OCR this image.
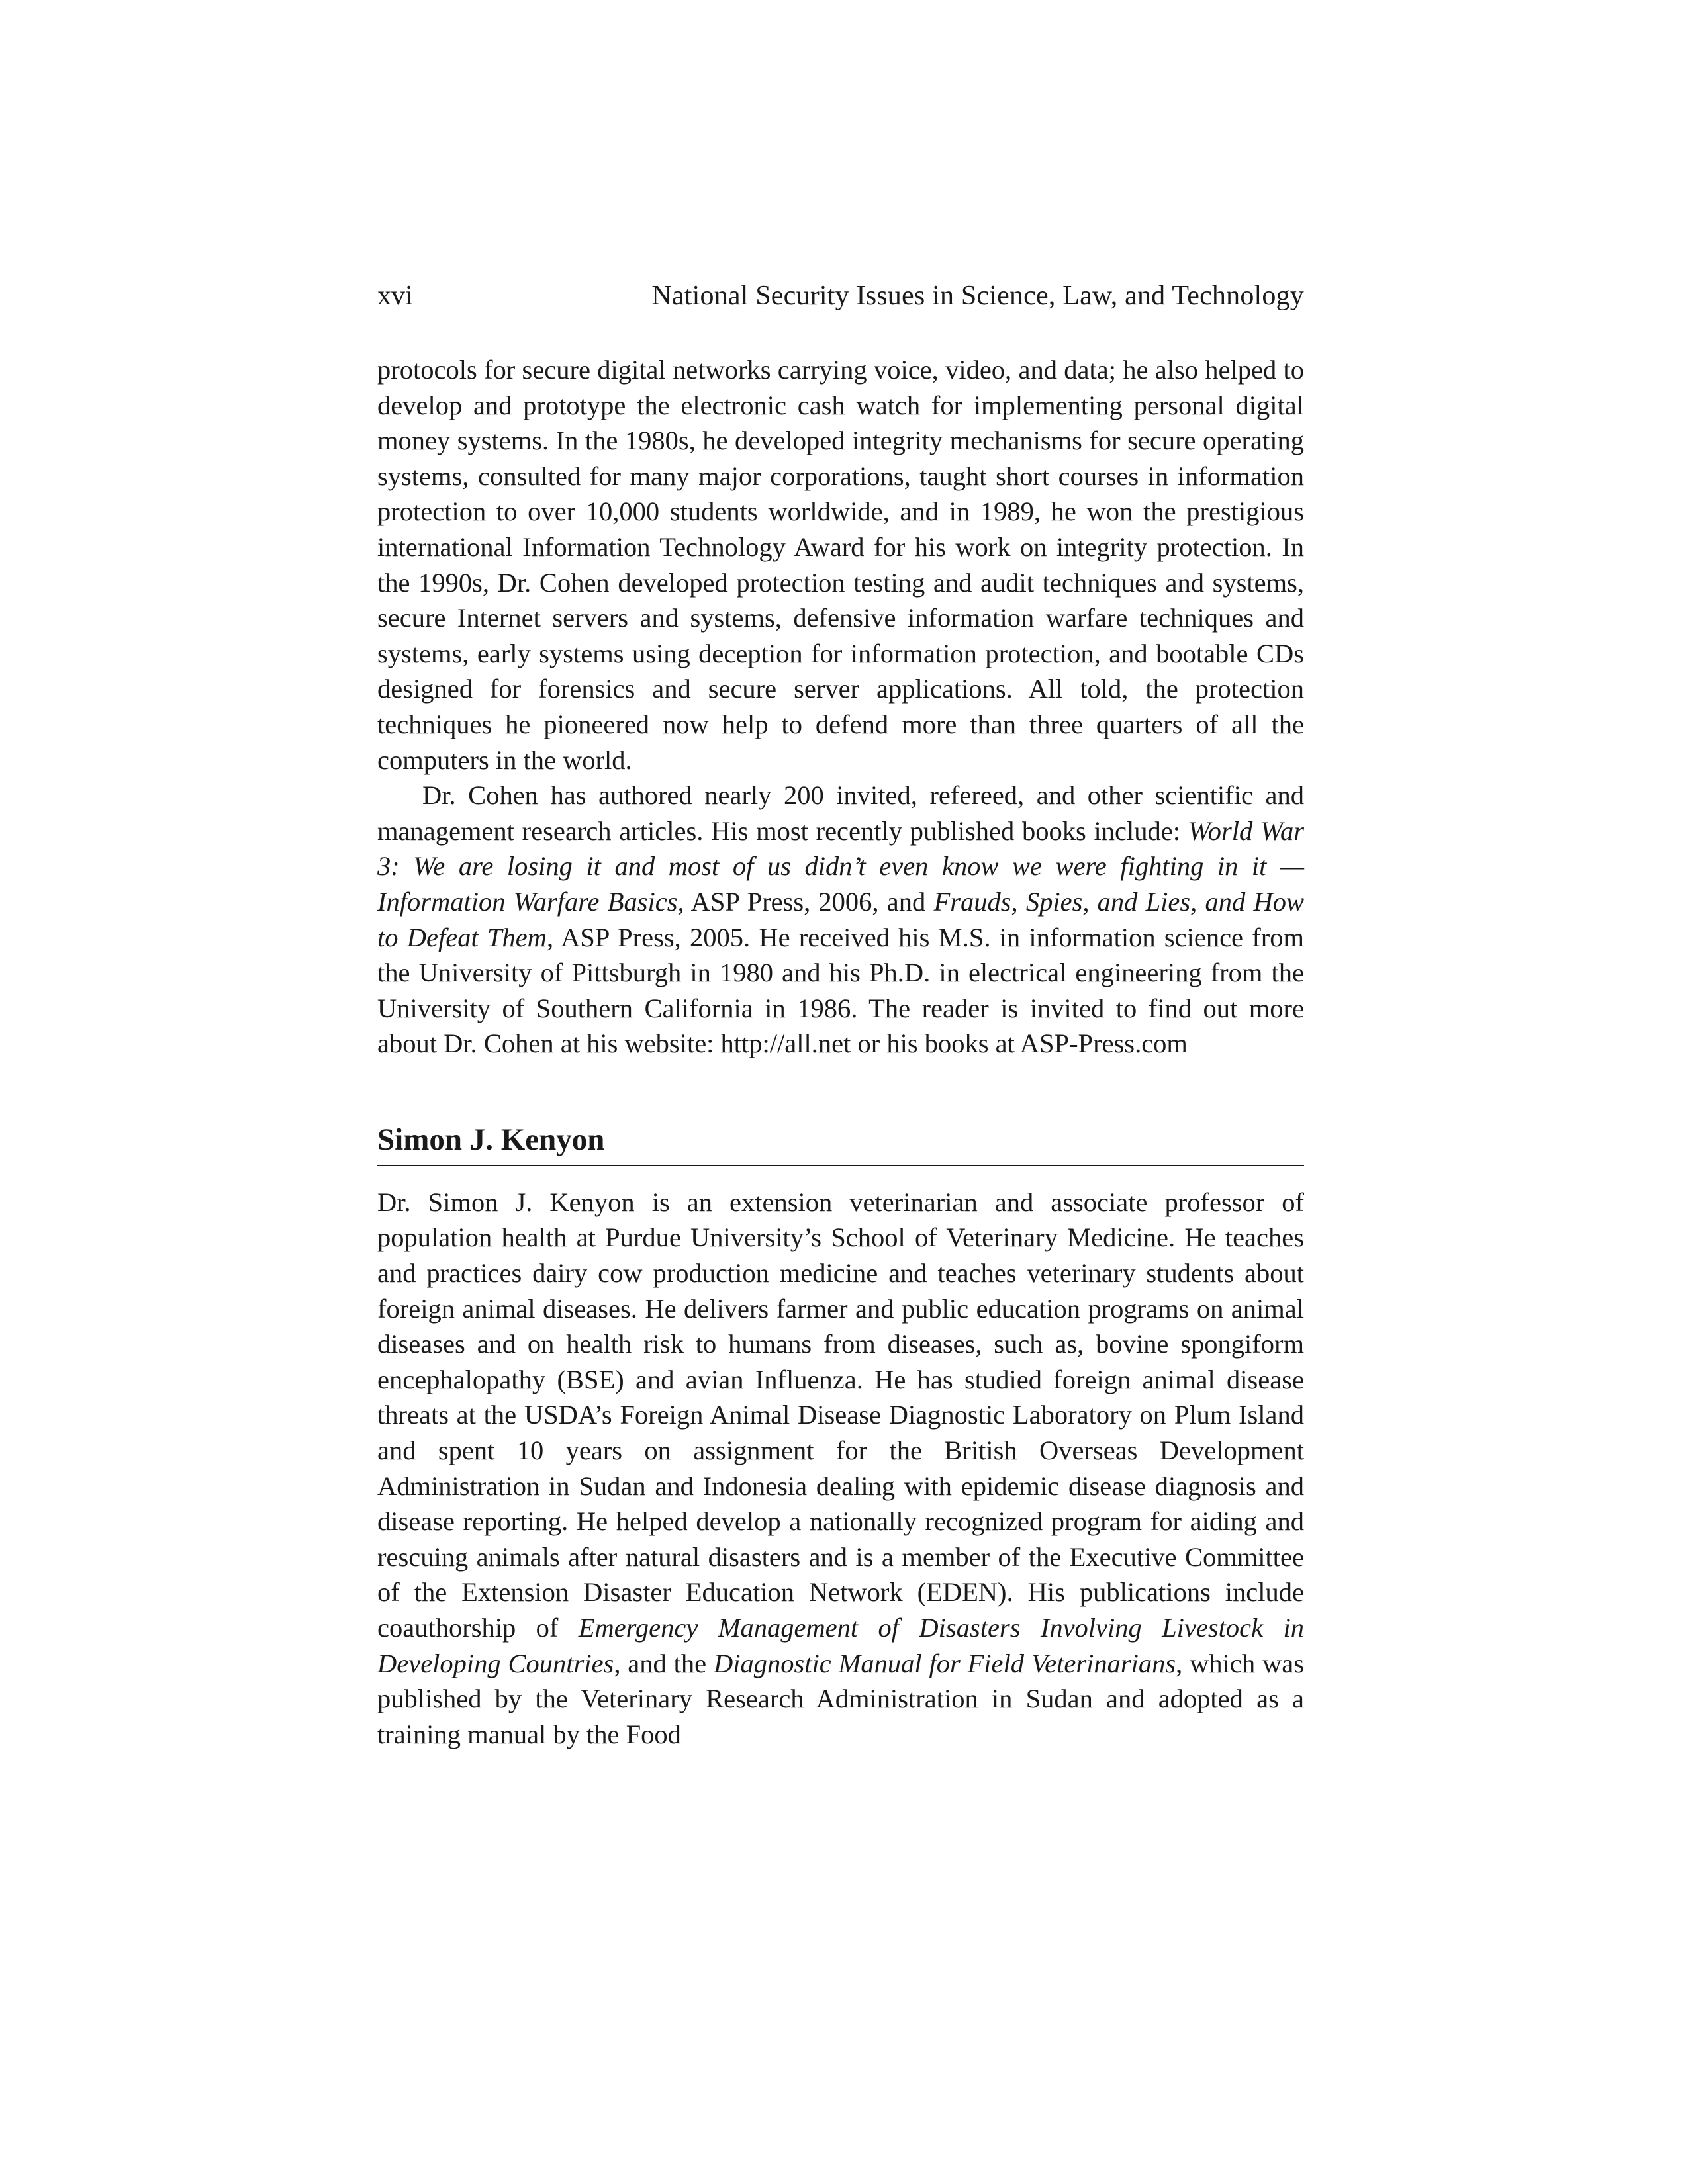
xvi	National Security Issues in Science, Law, and Technology

protocols for secure digital networks carrying voice, video, and data; he also helped to develop and prototype the electronic cash watch for implementing personal digital money systems. In the 1980s, he developed integrity mechanisms for secure operating systems, consulted for many major corporations, taught short courses in information protection to over 10,000 students worldwide, and in 1989, he won the prestigious international Information Technology Award for his work on integrity protection. In the 1990s, Dr. Cohen developed protection testing and audit techniques and systems, secure Internet servers and systems, defensive information warfare techniques and systems, early systems using deception for information protection, and bootable CDs designed for forensics and secure server applications. All told, the protection techniques he pioneered now help to defend more than three quarters of all the computers in the world.

Dr. Cohen has authored nearly 200 invited, refereed, and other scientific and management research articles. His most recently published books include: World War 3: We are losing it and most of us didn’t even know we were fighting in it — Information Warfare Basics, ASP Press, 2006, and Frauds, Spies, and Lies, and How to Defeat Them, ASP Press, 2005. He received his M.S. in information science from the University of Pittsburgh in 1980 and his Ph.D. in electrical engineering from the University of Southern California in 1986. The reader is invited to find out more about Dr. Cohen at his website: http://all.net or his books at ASP-Press.com

Simon J. Kenyon

Dr. Simon J. Kenyon is an extension veterinarian and associate professor of population health at Purdue University’s School of Veterinary Medicine. He teaches and practices dairy cow production medicine and teaches veterinary students about foreign animal diseases. He delivers farmer and public education programs on animal diseases and on health risk to humans from diseases, such as, bovine spongiform encephalopathy (BSE) and avian Influenza. He has studied foreign animal disease threats at the USDA’s Foreign Animal Disease Diagnostic Laboratory on Plum Island and spent 10 years on assignment for the British Overseas Development Administration in Sudan and Indonesia dealing with epidemic disease diagnosis and disease reporting. He helped develop a nationally recognized program for aiding and rescuing animals after natural disasters and is a member of the Executive Committee of the Extension Disaster Education Network (EDEN). His publications include coauthorship of Emergency Management of Disasters Involving Livestock in Developing Countries, and the Diagnostic Manual for Field Veterinarians, which was published by the Veterinary Research Administration in Sudan and adopted as a training manual by the Food
